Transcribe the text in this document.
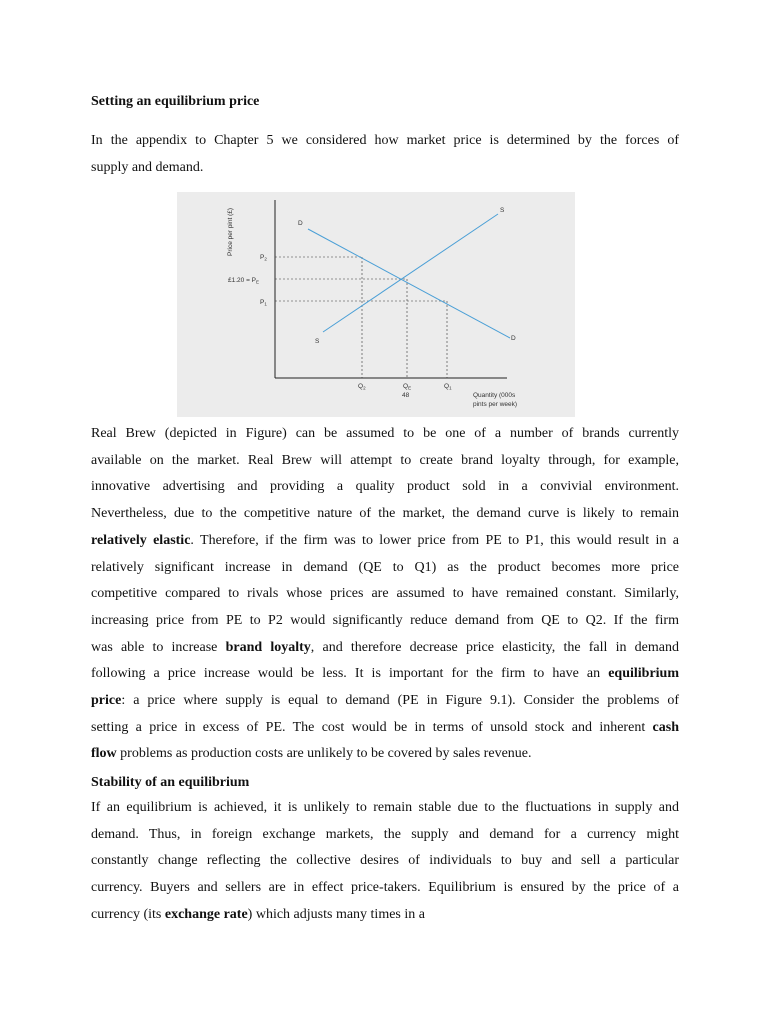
Setting an equilibrium price

In the appendix to Chapter 5 we considered how market price is determined by the forces of
supply and demand.

Real Brew (depicted in Figure) can be assumed to be one of a number of brands currently
available on the market. Real Brew will attempt to create brand loyalty through, for example,
innovative advertising and providing a quality product sold in a convivial environment.
Nevertheless, due to the competitive nature of the market, the demand curve is likely to remain
relatively elastic. Therefore, if the firm was to lower price from PE to P1, this would result in a
relatively significant increase in demand (QE to Q1) as the product becomes more price
competitive compared to rivals whose prices are assumed to have remained constant. Similarly,
increasing price from PE to P2 would significantly reduce demand from QE to Q2. If the firm
was able to increase brand loyalty, and therefore decrease price elasticity, the fall in demand
following a price increase would be less. It is important for the firm to have an equilibrium
price: a price where supply is equal to demand (PE in Figure 9.1). Consider the problems of
setting a price in excess of PE. The cost would be in terms of unsold stock and inherent cash
flow problems as production costs are unlikely to be covered by sales revenue.

Stability of an equilibrium

If an equilibrium is achieved, it is unlikely to remain stable due to the fluctuations in supply and
demand. Thus, in foreign exchange markets, the supply and demand for a currency might
constantly change reflecting the collective desires of individuals to buy and sell a particular
currency. Buyers and sellers are in effect price-takers. Equilibrium is ensured by the price of a
currency (its exchange rate) which adjusts many times in a

Price per pint (£)	D
D
S
S
$P_2$
£1.20 = $P_E$
$P_1$
$Q_2$	$Q_E$
48
$Q_1$
Quantity (000s
pints per week)
